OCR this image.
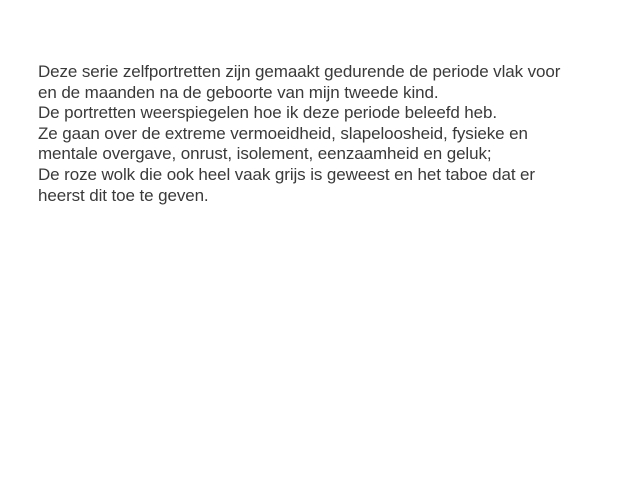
Deze serie zelfportretten zijn gemaakt gedurende de periode vlak voor
en de maanden na de geboorte van mijn tweede kind.
De portretten weerspiegelen hoe ik deze periode beleefd heb.
Ze gaan over de extreme vermoeidheid, slapeloosheid, fysieke en
mentale overgave, onrust, isolement, eenzaamheid en geluk;
De roze wolk die ook heel vaak grijs is geweest en het taboe dat er
heerst dit toe te geven.
